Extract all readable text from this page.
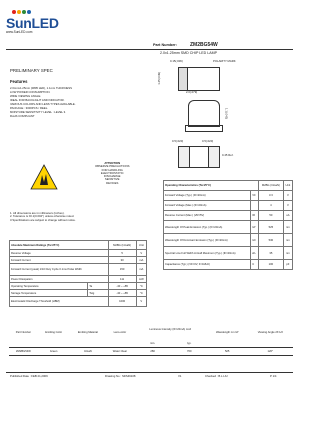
SunLED
www.SunLED.com
Part Number:	ZM2BG54W
2.0x1.25mm SMD CHIP LED LAMP
PRELIMINARY SPEC
Features
2.0mmx1.25mm (0805 LED), 1.1mm THICKNESS
LOW POWER CONSUMPTION.
WIDE VIEWING ANGLE.
IDEAL FOR BACKLIGHT AND INDICATOR.
VARIOUS COLORS AND LENS TYPES AVAILABLE.
PACKAGE : 3000PCS / REEL.
MOISTURE SENSITIVITY LEVEL : LEVEL 3.
RoHS COMPLIANT
0.15(.006)	POLARITY MARK
1.25(.049)
2.0(.079)
1.1(.043)
0.5(.020)	0.5(.020)
0.45 Ref.
ATTENTION
OBSERVE PRECAUTIONS
FOR HANDLING
ELECTROSTATIC
DISCHARGE
SENSITIVE
DEVICES
1. All dimensions are in millimeters (inches).
2. Tolerance is ±0.1(0.004") unless otherwise noted.
3.Specifications are subject to change without notice.
Absolute Maximum Ratings (Ta=25°C)		M2BG (InGaN)	Unit
Reverse Voltage		5	V
Forward Current		30	mA
Forward Current (peak) 1/10 Duty Cycle 0.1ms Pulse Width		150	mA
Power Dissipation		111	mW
Operating Temperature	Ta	-40 ~ +85	°C
Storage Temperature	Tstg	-40 ~ +85	°C
Electrostatic Discharge Threshold (HBM)		1000	V
Operating Characteristics (Ta=25°C)		M2BG (InGaN)	Unit
Forward Voltage (Typ.) (IF=20mA)	VF	3.3	V
Forward Voltage (Max.) (IF=20mA)		4	V
Reverse Current (Max.) (VR=5V)	IR	50	uA
Wavelength Of Peak Emission (Typ.) (IF=20mA)	λP	525	nm
Wavelength Of Dominant Emission (Typ.) (IF=20mA)	λD	530	nm
Spectral Line Full Width At Half Maximum (Typ.) (IF=20mA)	Δλ	35	nm
Capacitance (Typ.) (VF=0V, F=1MHz)	C	100	pF
Part Number	Emitting Color	Emitting Material	Lens-color	Luminous Intensity (IF=20mA) mcd		Wavelength nm λP	Viewing Angle 2θ 1/2
				min.	typ.		
ZM2BG54W	Green	InGaN	Water Clear	280	700	525	120°
Published Date : FEB 21,2009	Drawing No : SDS46108	V1	Checked : B.L.LIU	P 1/4
